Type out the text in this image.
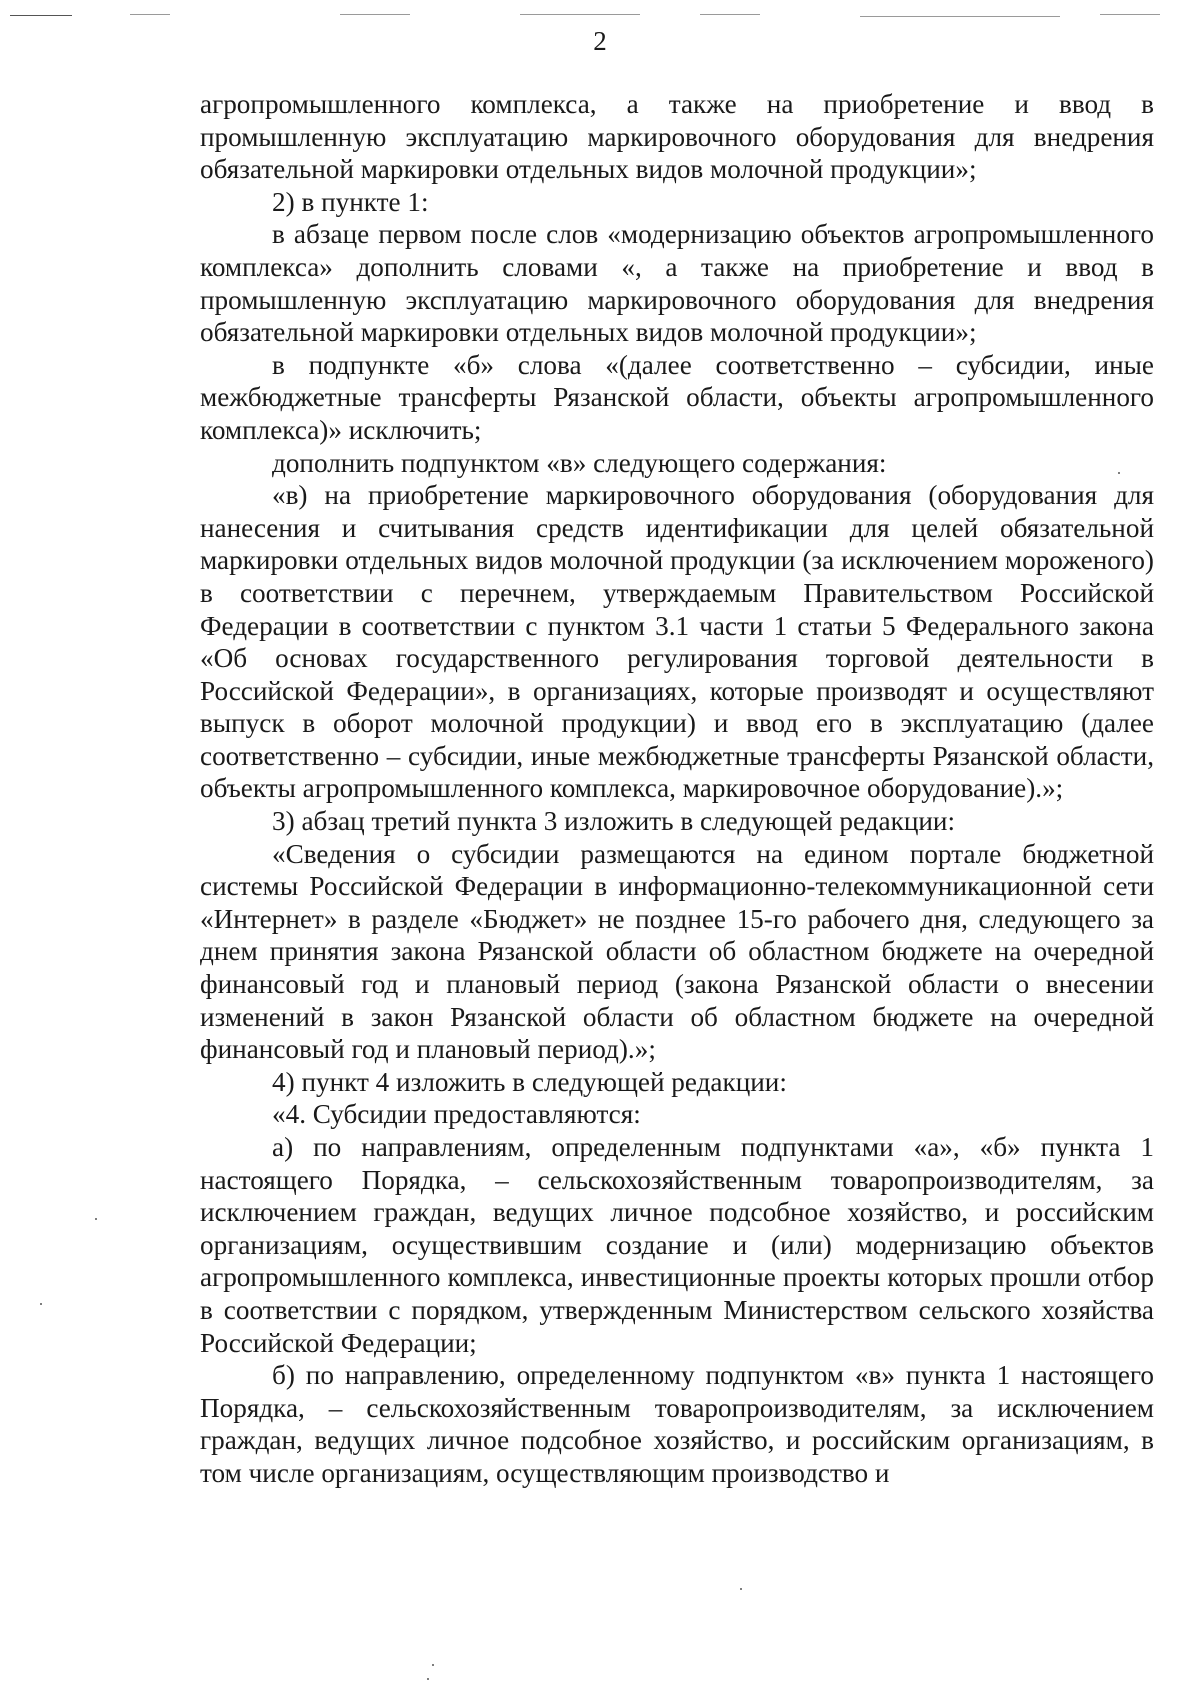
2

агропромышленного комплекса, а также на приобретение и ввод в промышленную эксплуатацию маркировочного оборудования для внедрения обязательной маркировки отдельных видов молочной продукции»;

2) в пункте 1:

в абзаце первом после слов «модернизацию объектов агропромышленного комплекса» дополнить словами «, а также на приобретение и ввод в промышленную эксплуатацию маркировочного оборудования для внедрения обязательной маркировки отдельных видов молочной продукции»;

в подпункте «б» слова «(далее соответственно – субсидии, иные межбюджетные трансферты Рязанской области, объекты агропромышленного комплекса)» исключить;

дополнить подпунктом «в» следующего содержания:

«в) на приобретение маркировочного оборудования (оборудования для нанесения и считывания средств идентификации для целей обязательной маркировки отдельных видов молочной продукции (за исключением мороженого) в соответствии с перечнем, утверждаемым Правительством Российской Федерации в соответствии с пунктом 3.1 части 1 статьи 5 Федерального закона «Об основах государственного регулирования торговой деятельности в Российской Федерации», в организациях, которые производят и осуществляют выпуск в оборот молочной продукции) и ввод его в эксплуатацию (далее соответственно – субсидии, иные межбюджетные трансферты Рязанской области, объекты агропромышленного комплекса, маркировочное оборудование).»;

3) абзац третий пункта 3 изложить в следующей редакции:

«Сведения о субсидии размещаются на едином портале бюджетной системы Российской Федерации в информационно-телекоммуникационной сети «Интернет» в разделе «Бюджет» не позднее 15-го рабочего дня, следующего за днем принятия закона Рязанской области об областном бюджете на очередной финансовый год и плановый период (закона Рязанской области о внесении изменений в закон Рязанской области об областном бюджете на очередной финансовый год и плановый период).»;

4) пункт 4 изложить в следующей редакции:

«4. Субсидии предоставляются:

а) по направлениям, определенным подпунктами «а», «б» пункта 1 настоящего Порядка, – сельскохозяйственным товаропроизводителям, за исключением граждан, ведущих личное подсобное хозяйство, и российским организациям, осуществившим создание и (или) модернизацию объектов агропромышленного комплекса, инвестиционные проекты которых прошли отбор в соответствии с порядком, утвержденным Министерством сельского хозяйства Российской Федерации;

б) по направлению, определенному подпунктом «в» пункта 1 настоящего Порядка, – сельскохозяйственным товаропроизводителям, за исключением граждан, ведущих личное подсобное хозяйство, и российским организациям, в том числе организациям, осуществляющим производство и
